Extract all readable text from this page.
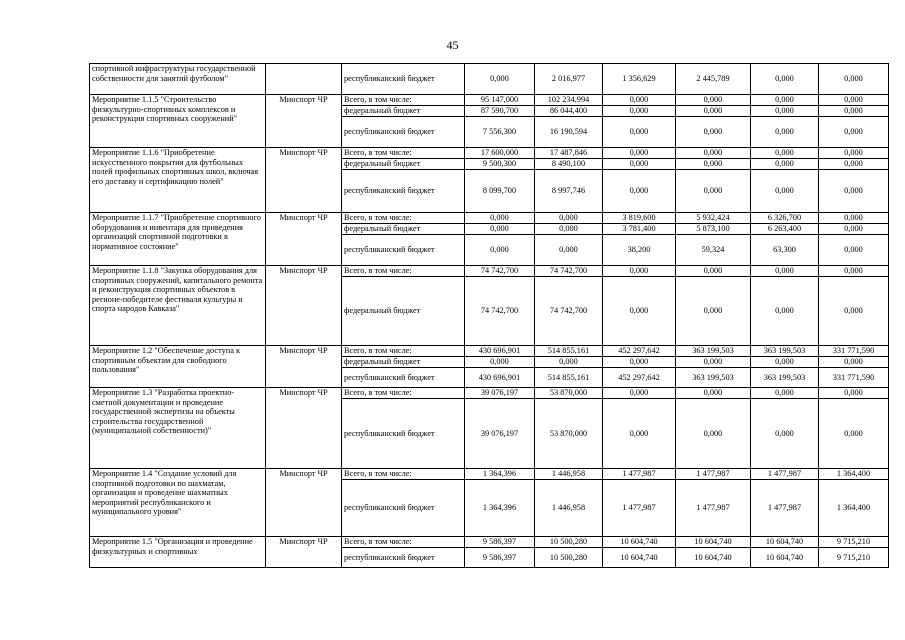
45
спортивной инфраструктуры государственной собственности для занятий футболом"		республиканский бюджет	0,000	2 016,977	1 356,629	2 445,789	0,000	0,000
Мероприятие 1.1.5 "Строительство физкультурно-спортивных комплексов и реконструкция спортивных сооружений"	Минспорт ЧР	Всего, в том числе:	95 147,000	102 234,994	0,000	0,000	0,000	0,000
		федеральный бюджет	87 590,700	86 044,400	0,000	0,000	0,000	0,000
		республиканский бюджет	7 556,300	16 190,594	0,000	0,000	0,000	0,000
Мероприятие 1.1.6 "Приобретение искусственного покрытия для футбольных полей профильных спортивных школ, включая его доставку и сертификацию полей"	Минспорт ЧР	Всего, в том числе:	17 600,000	17 487,846	0,000	0,000	0,000	0,000
		федеральный бюджет	9 500,300	8 490,100	0,000	0,000	0,000	0,000
		республиканский бюджет	8 099,700	8 997,746	0,000	0,000	0,000	0,000
Мероприятие 1.1.7 "Приобретение спортивного оборудования и инвентаря для приведения организаций спортивной подготовки в нормативное состояние"	Минспорт ЧР	Всего, в том числе:	0,000	0,000	3 819,600	5 932,424	6 326,700	0,000
		федеральный бюджет	0,000	0,000	3 781,400	5 873,100	6 263,400	0,000
		республиканский бюджет	0,000	0,000	38,200	59,324	63,300	0,000
Мероприятие 1.1.8 "Закупка оборудования для спортивных сооружений, капитального ремонта и реконструкция спортивных объектов в регионе-победителе фестиваля культуры и спорта народов Кавказа"	Минспорт ЧР	Всего, в том числе:	74 742,700	74 742,700	0,000	0,000	0,000	0,000
		федеральный бюджет	74 742,700	74 742,700	0,000	0,000	0,000	0,000
Мероприятие 1.2 "Обеспечение доступа к спортивным объектам для свободного пользования"	Минспорт ЧР	Всего, в том числе:	430 696,901	514 855,161	452 297,642	363 199,503	363 199,503	331 771,590
		федеральный бюджет	0,000	0,000	0,000	0,000	0,000	0,000
		республиканский бюджет	430 696,901	514 855,161	452 297,642	363 199,503	363 199,503	331 771,590
Мероприятие 1.3 "Разработка проектно-сметной документации и проведение государственной экспертизы на объекты строительства государственной (муниципальной собственности)"	Минспорт ЧР	Всего, в том числе:	39 076,197	53 870,000	0,000	0,000	0,000	0,000
		республиканский бюджет	39 076,197	53 870,000	0,000	0,000	0,000	0,000
Мероприятие 1.4 "Создание условий для спортивной подготовки по шахматам, организация и проведение шахматных мероприятий республиканского и муниципального уровня"	Минспорт ЧР	Всего, в том числе:	1 364,396	1 446,958	1 477,987	1 477,987	1 477,987	1 364,400
		республиканский бюджет	1 364,396	1 446,958	1 477,987	1 477,987	1 477,987	1 364,400
Мероприятие 1.5 "Организация и проведение физкультурных и спортивных	Минспорт ЧР	Всего, в том числе:	9 586,397	10 500,280	10 604,740	10 604,740	10 604,740	9 715,210
		республиканский бюджет	9 586,397	10 500,280	10 604,740	10 604,740	10 604,740	9 715,210
